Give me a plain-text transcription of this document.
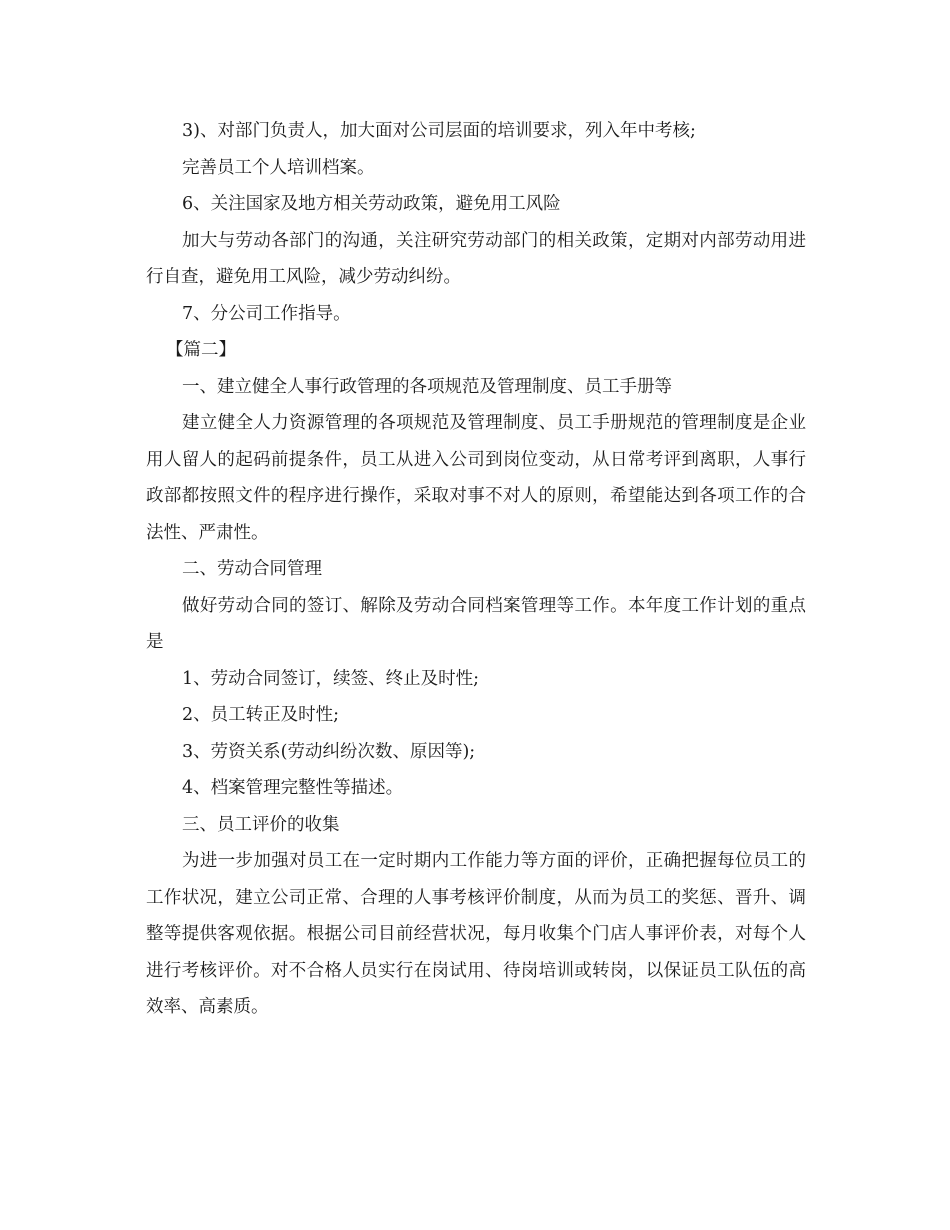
3)、对部门负责人，加大面对公司层面的培训要求，列入年中考核;

完善员工个人培训档案。

6、关注国家及地方相关劳动政策，避免用工风险

加大与劳动各部门的沟通，关注研究劳动部门的相关政策，定期对内部劳动用进行自查，避免用工风险，减少劳动纠纷。

7、分公司工作指导。

【篇二】

一、建立健全人事行政管理的各项规范及管理制度、员工手册等

建立健全人力资源管理的各项规范及管理制度、员工手册规范的管理制度是企业用人留人的起码前提条件，员工从进入公司到岗位变动，从日常考评到离职，人事行政部都按照文件的程序进行操作，采取对事不对人的原则，希望能达到各项工作的合法性、严肃性。

二、劳动合同管理

做好劳动合同的签订、解除及劳动合同档案管理等工作。本年度工作计划的重点是

1、劳动合同签订，续签、终止及时性;

2、员工转正及时性;

3、劳资关系(劳动纠纷次数、原因等);

4、档案管理完整性等描述。

三、员工评价的收集

为进一步加强对员工在一定时期内工作能力等方面的评价，正确把握每位员工的工作状况，建立公司正常、合理的人事考核评价制度，从而为员工的奖惩、晋升、调整等提供客观依据。根据公司目前经营状况，每月收集个门店人事评价表，对每个人进行考核评价。对不合格人员实行在岗试用、待岗培训或转岗，以保证员工队伍的高效率、高素质。
